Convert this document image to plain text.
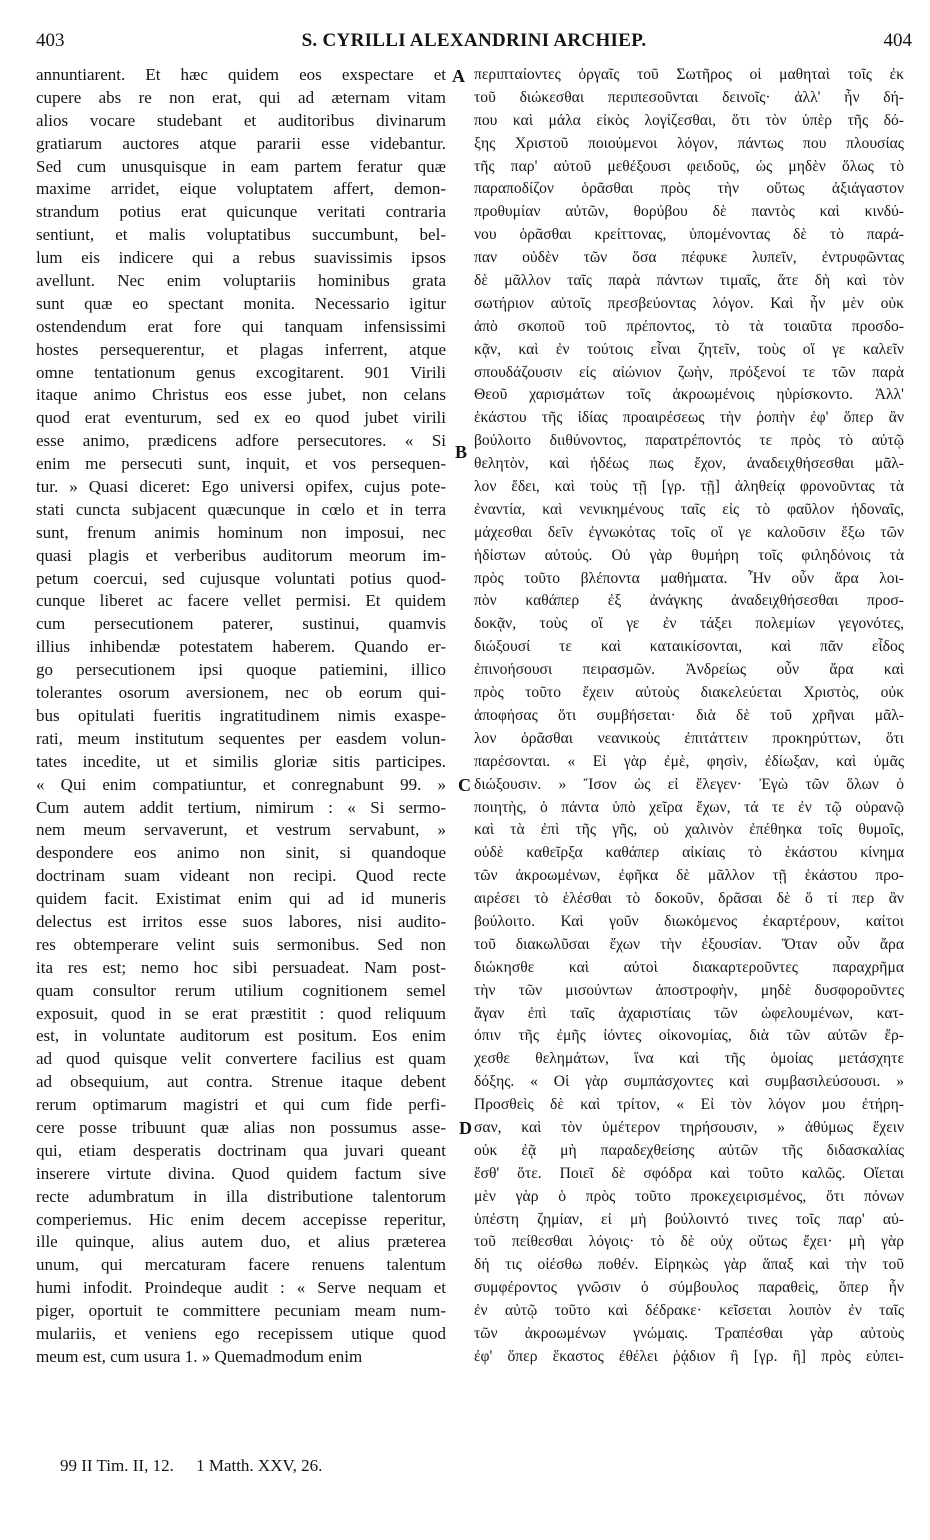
403	S. CYRILLI ALEXANDRINI ARCHIEP.	404
annuntiarent. Et hæc quidem eos exspectare et
cupere abs re non erat, qui ad æternam vitam
alios vocare studebant et auditoribus divinarum
gratiarum auctores atque pararii esse videbantur.
Sed cum unusquisque in eam partem feratur quæ
maxime arridet, eique voluptatem affert, demon-
strandum potius erat quicunque veritati contraria
sentiunt, et malis voluptatibus succumbunt, bel-
lum eis indicere qui a rebus suavissimis ipsos
avellunt. Nec enim voluptariis hominibus grata
sunt quæ eo spectant monita. Necessario igitur
ostendendum erat fore qui tanquam infensissimi
hostes persequerentur, et plagas inferrent, atque
omne tentationum genus excogitarent. 901 Virili
itaque animo Christus eos esse jubet, non celans
quod erat eventurum, sed ex eo quod jubet virili
esse animo, prædicens adfore persecutores. « Si
enim me persecuti sunt, inquit, et vos persequen-
tur. » Quasi diceret: Ego universi opifex, cujus pote-
stati cuncta subjacent quæcunque in cœlo et in terra
sunt, frenum animis hominum non imposui, nec
quasi plagis et verberibus auditorum meorum im-
petum coercui, sed cujusque voluntati potius quod-
cunque liberet ac facere vellet permisi. Et quidem
cum persecutionem paterer, sustinui, quamvis
illius inhibendæ potestatem haberem. Quando er-
go persecutionem ipsi quoque patiemini, illico
tolerantes osorum aversionem, nec ob eorum qui-
bus opitulati fueritis ingratitudinem nimis exaspe-
rati, meum institutum sequentes per easdem volun-
tates incedite, ut et similis gloriæ sitis participes.
« Qui enim compatiuntur, et conregnabunt 99. »
Cum autem addit tertium, nimirum : « Si sermo-
nem meum servaverunt, et vestrum servabunt, »
despondere eos animo non sinit, si quandoque
doctrinam suam videant non recipi. Quod recte
quidem facit. Existimat enim qui ad id muneris
delectus est irritos esse suos labores, nisi audito-
res obtemperare velint suis sermonibus. Sed non
ita res est; nemo hoc sibi persuadeat. Nam post-
quam consultor rerum utilium cognitionem semel
exposuit, quod in se erat præstitit : quod reliquum
est, in voluntate auditorum est positum. Eos enim
ad quod quisque velit convertere facilius est quam
ad obsequium, aut contra. Strenue itaque debent
rerum optimarum magistri et qui cum fide perfi-
cere posse tribuunt quæ alias non possumus asse-
qui, etiam desperatis doctrinam qua juvari queant
inserere virtute divina. Quod quidem factum sive
recte adumbratum in illa distributione talentorum
comperiemus. Hic enim decem accepisse reperitur,
ille quinque, alius autem duo, et alius præterea
unum, qui mercaturam facere renuens talentum
humi infodit. Proindeque audit : « Serve nequam et
piger, oportuit te committere pecuniam meam num-
mulariis, et veniens ego recepissem utique quod
meum est, cum usura 1. » Quemadmodum enim
περιπταίοντες ὀργαῖς τοῦ Σωτῆρος οἱ μαθηταὶ τοῖς ἐκ
τοῦ διώκεσθαι περιπεσοῦνται δεινοῖς· ἀλλ' ἦν δή-
που καὶ μάλα εἰκὸς λογίζεσθαι, ὅτι τὸν ὑπὲρ τῆς δό-
ξης Χριστοῦ ποιούμενοι λόγον, πάντως που πλουσίας
τῆς παρ' αὐτοῦ μεθέξουσι φειδοῦς, ὡς μηδὲν ὅλως τὸ
παραποδίζον ὁρᾶσθαι πρὸς τὴν οὕτως ἀξιάγαστον
προθυμίαν αὐτῶν, θορύβου δὲ παντὸς καὶ κινδύ-
νου ὁρᾶσθαι κρείττονας, ὑπομένοντας δὲ τὸ παρά-
παν οὐδὲν τῶν ὅσα πέφυκε λυπεῖν, ἐντρυφῶντας
δὲ μᾶλλον ταῖς παρὰ πάντων τιμαῖς, ἅτε δὴ καὶ τὸν
σωτήριον αὐτοῖς πρεσβεύοντας λόγον. Καὶ ἦν μὲν οὐκ
ἀπὸ σκοποῦ τοῦ πρέποντος, τὸ τὰ τοιαῦτα προσδο-
κᾷν, καὶ ἐν τούτοις εἶναι ζητεῖν, τοὺς οἵ γε καλεῖν
σπουδάζουσιν εἰς αἰώνιον ζωὴν, πρόξενοί τε τῶν παρὰ
Θεοῦ χαρισμάτων τοῖς ἀκροωμένοις ηὑρίσκοντο. Ἀλλ'
ἑκάστου τῆς ἰδίας προαιρέσεως τὴν ῥοπὴν ἐφ' ὅπερ ἂν
βούλοιτο διιθύνοντος, παρατρέποντός τε πρὸς τὸ αὐτῷ
θελητὸν, καὶ ἡδέως πως ἔχον, ἀναδειχθήσεσθαι μᾶλ-
λον ἔδει, καὶ τοὺς τῇ [γρ. τῇ] ἀληθείᾳ φρονοῦντας τὰ
ἐναντία, καὶ νενικημένους ταῖς εἰς τὸ φαῦλον ἡδοναῖς,
μάχεσθαι δεῖν ἐγνωκότας τοῖς οἵ γε καλοῦσιν ἔξω τῶν
ἡδίστων αὐτούς. Οὐ γὰρ θυμήρη τοῖς φιληδόνοις τὰ
πρὸς τοῦτο βλέποντα μαθήματα. Ἦν οὖν ἄρα λοι-
πὸν καθάπερ ἐξ ἀνάγκης ἀναδειχθήσεσθαι προσ-
δοκᾷν, τοὺς οἵ γε ἐν τάξει πολεμίων γεγονότες,
διώξουσί τε καὶ καταικίσονται, καὶ πᾶν εἶδος
ἐπινοήσουσι πειρασμῶν. Ἀνδρείως οὖν ἄρα καὶ
πρὸς τοῦτο ἔχειν αὐτοὺς διακελεύεται Χριστὸς, οὐκ
ἀποφήσας ὅτι συμβήσεται· διὰ δὲ τοῦ χρῆναι μᾶλ-
λον ὁρᾶσθαι νεανικοὺς ἐπιτάττειν προκηρύττων, ὅτι
παρέσονται. « Εἰ γὰρ ἐμὲ, φησὶν, ἐδίωξαν, καὶ ὑμᾶς
διώξουσιν. » Ἴσον ὡς εἰ ἔλεγεν· Ἐγὼ τῶν ὅλων ὁ
ποιητὴς, ὁ πάντα ὑπὸ χεῖρα ἔχων, τά τε ἐν τῷ οὐρανῷ
καὶ τὰ ἐπὶ τῆς γῆς, οὐ χαλινὸν ἐπέθηκα τοῖς θυμοῖς,
οὐδὲ καθεῖρξα καθάπερ αἰκίαις τὸ ἑκάστου κίνημα
τῶν ἀκροωμένων, ἐφῆκα δὲ μᾶλλον τῇ ἑκάστου προ-
αιρέσει τὸ ἑλέσθαι τὸ δοκοῦν, δρᾶσαι δὲ ὅ τί περ ἂν
βούλοιτο. Καὶ γοῦν διωκόμενος ἐκαρτέρουν, καίτοι
τοῦ διακωλῦσαι ἔχων τὴν ἐξουσίαν. Ὅταν οὖν ἄρα
διώκησθε καὶ αὐτοὶ διακαρτεροῦντες παραχρῆμα
τὴν τῶν μισούντων ἀποστροφὴν, μηδὲ δυσφοροῦντες
ἄγαν ἐπὶ ταῖς ἀχαριστίαις τῶν ὠφελουμένων, κατ-
όπιν τῆς ἐμῆς ἰόντες οἰκονομίας, διὰ τῶν αὐτῶν ἔρ-
χεσθε θελημάτων, ἵνα καὶ τῆς ὁμοίας μετάσχητε
δόξης. « Οἱ γὰρ συμπάσχοντες καὶ συμβασιλεύσουσι. »
Προσθεὶς δὲ καὶ τρίτον, « Εἰ τὸν λόγον μου ἐτήρη-
σαν, καὶ τὸν ὑμέτερον τηρήσουσιν, » ἀθύμως ἔχειν
οὐκ ἐᾷ μὴ παραδεχθείσης αὐτῶν τῆς διδασκαλίας
ἔσθ' ὅτε. Ποιεῖ δὲ σφόδρα καὶ τοῦτο καλῶς. Οἴεται
μὲν γὰρ ὁ πρὸς τοῦτο προκεχειρισμένος, ὅτι πόνων
ὑπέστη ζημίαν, εἰ μὴ βούλοιντό τινες τοῖς παρ' αὐ-
τοῦ πείθεσθαι λόγοις· τὸ δὲ οὐχ οὕτως ἔχει· μὴ γὰρ
δή τις οἰέσθω ποθέν. Εἰρηκὼς γὰρ ἅπαξ καὶ τὴν τοῦ
συμφέροντος γνῶσιν ὁ σύμβουλος παραθεὶς, ὅπερ ἦν
ἐν αὐτῷ τοῦτο καὶ δέδρακε· κεῖσεται λοιπὸν ἐν ταῖς
τῶν ἀκροωμένων γνώμαις. Τραπέσθαι γὰρ αὐτοὺς
ἐφ' ὅπερ ἕκαστος ἐθέλει ῥᾴδιον ἢ [γρ. ἢ] πρὸς εὐπει-
A
B
C
D
99 II Tim. II, 12. 1 Matth. XXV, 26.
